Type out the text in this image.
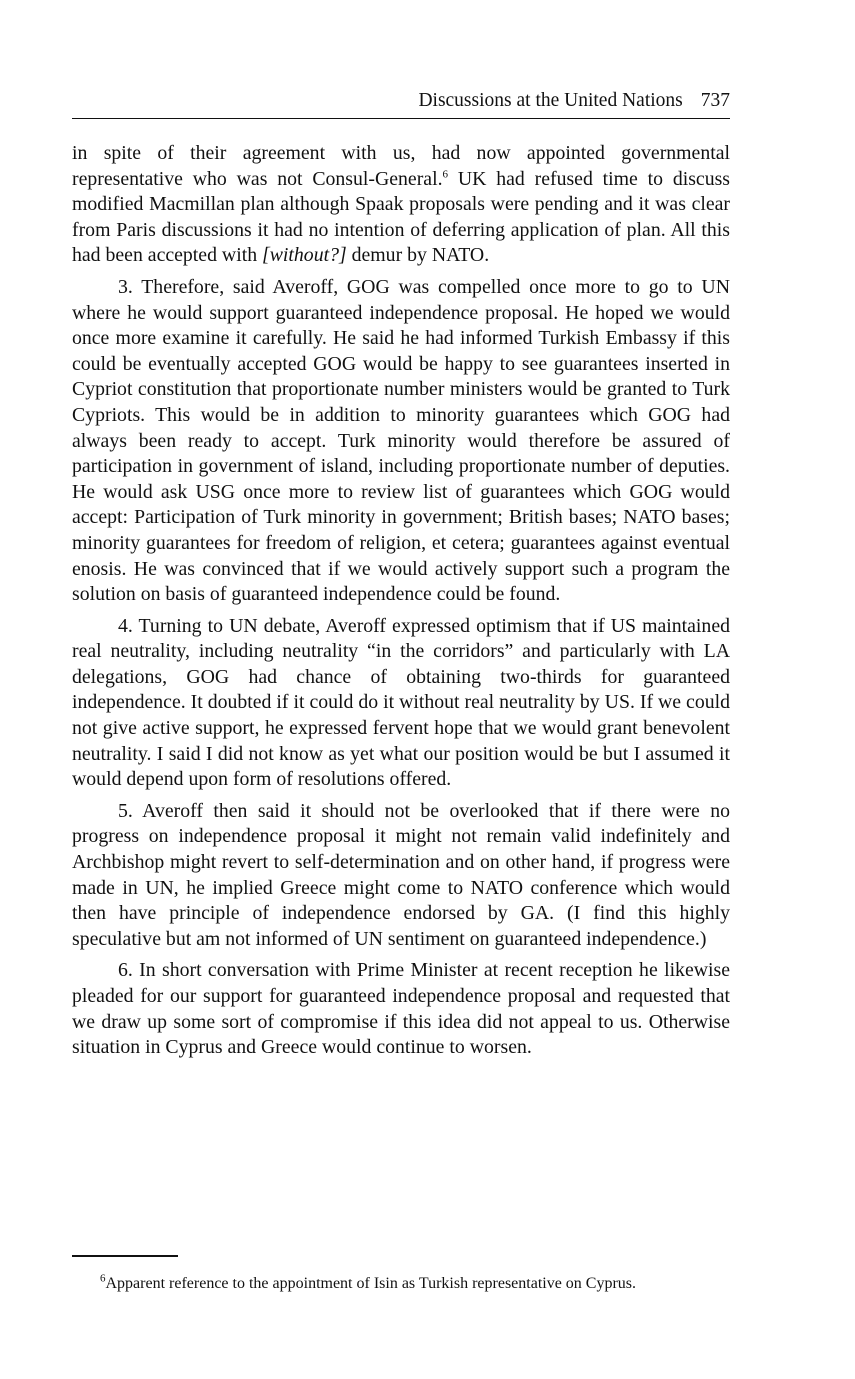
Discussions at the United Nations 737

in spite of their agreement with us, had now appointed governmental representative who was not Consul-General.$^6$ UK had refused time to discuss modified Macmillan plan although Spaak proposals were pending and it was clear from Paris discussions it had no intention of deferring application of plan. All this had been accepted with [without?] demur by NATO.

3. Therefore, said Averoff, GOG was compelled once more to go to UN where he would support guaranteed independence proposal. He hoped we would once more examine it carefully. He said he had informed Turkish Embassy if this could be eventually accepted GOG would be happy to see guarantees inserted in Cypriot constitution that proportionate number ministers would be granted to Turk Cypriots. This would be in addition to minority guarantees which GOG had always been ready to accept. Turk minority would therefore be assured of participation in government of island, including proportionate number of deputies. He would ask USG once more to review list of guarantees which GOG would accept: Participation of Turk minority in government; British bases; NATO bases; minority guarantees for freedom of religion, et cetera; guarantees against eventual enosis. He was convinced that if we would actively support such a program the solution on basis of guaranteed independence could be found.

4. Turning to UN debate, Averoff expressed optimism that if US maintained real neutrality, including neutrality “in the corridors” and particularly with LA delegations, GOG had chance of obtaining two-thirds for guaranteed independence. It doubted if it could do it without real neutrality by US. If we could not give active support, he expressed fervent hope that we would grant benevolent neutrality. I said I did not know as yet what our position would be but I assumed it would depend upon form of resolutions offered.

5. Averoff then said it should not be overlooked that if there were no progress on independence proposal it might not remain valid indefinitely and Archbishop might revert to self-determination and on other hand, if progress were made in UN, he implied Greece might come to NATO conference which would then have principle of independence endorsed by GA. (I find this highly speculative but am not informed of UN sentiment on guaranteed independence.)

6. In short conversation with Prime Minister at recent reception he likewise pleaded for our support for guaranteed independence proposal and requested that we draw up some sort of compromise if this idea did not appeal to us. Otherwise situation in Cyprus and Greece would continue to worsen.

$^6$Apparent reference to the appointment of Isin as Turkish representative on Cyprus.
